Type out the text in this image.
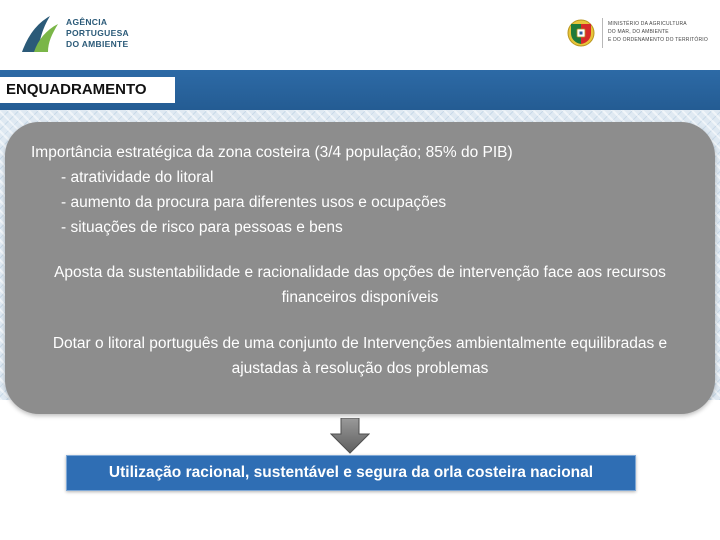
AGÊNCIA
PORTUGUESA
DO AMBIENTE
MINISTÉRIO DA AGRICULTURA
DO MAR, DO AMBIENTE
E DO ORDENAMENTO DO TERRITÓRIO
ENQUADRAMENTO
Importância estratégica da zona costeira (3/4 população; 85% do PIB)
- atratividade do litoral
- aumento da procura para diferentes usos e ocupações
- situações de risco para pessoas e bens
Aposta da sustentabilidade e racionalidade das opções de intervenção face aos recursos financeiros disponíveis
Dotar o litoral português de uma conjunto de Intervenções ambientalmente equilibradas e ajustadas à resolução dos problemas
Utilização racional, sustentável e segura da orla costeira nacional
